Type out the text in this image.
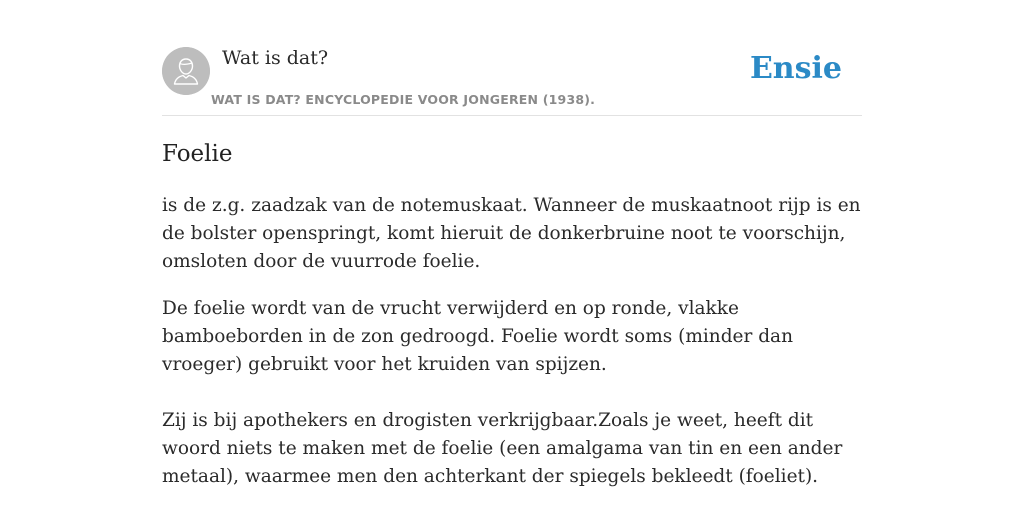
Wat is dat?
WAT IS DAT? ENCYCLOPEDIE VOOR JONGEREN (1938).
Ensie
Foelie

is de z.g. zaadzak van de notemuskaat. Wanneer de muskaatnoot rijp is en de bolster openspringt, komt hieruit de donkerbruine noot te voorschijn, omsloten door de vuurrode foelie.

De foelie wordt van de vrucht verwijderd en op ronde, vlakke bamboeborden in de zon gedroogd. Foelie wordt soms (minder dan vroeger) gebruikt voor het kruiden van spijzen.

Zij is bij apothekers en drogisten verkrijgbaar.Zoals je weet, heeft dit woord niets te maken met de foelie (een amalgama van tin en een ander metaal), waarmee men den achterkant der spiegels bekleedt (foeliet).
